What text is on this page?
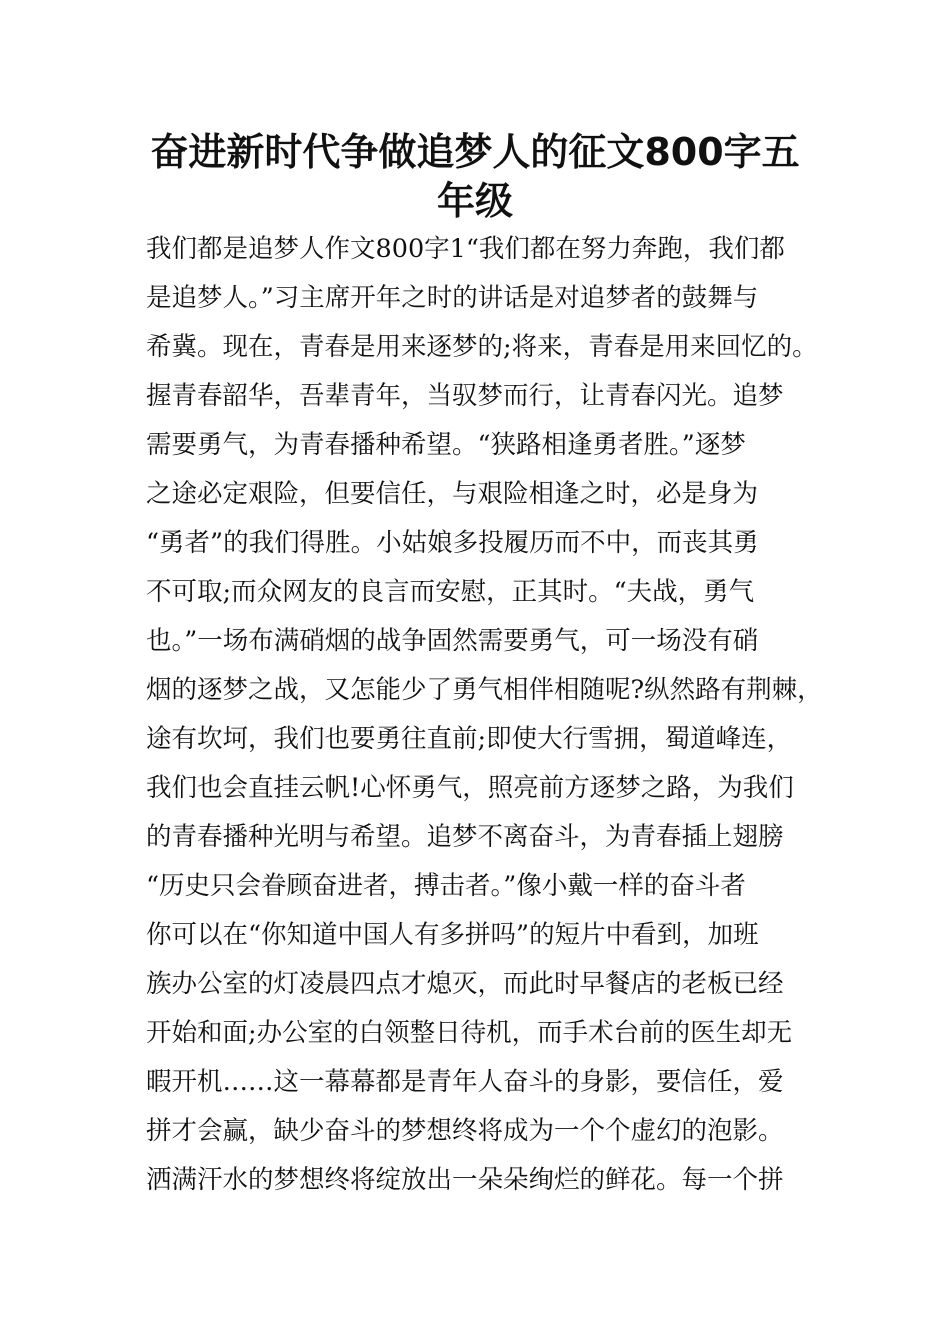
奋进新时代争做追梦人的征文800字五
年级

我们都是追梦人作文800字1“我们都在努力奔跑，我们都

是追梦人。”习主席开年之时的讲话是对追梦者的鼓舞与

希冀。现在，青春是用来逐梦的;将来，青春是用来回忆的。

握青春韶华，吾辈青年，当驭梦而行，让青春闪光。追梦

需要勇气，为青春播种希望。“狭路相逢勇者胜。”逐梦

之途必定艰险，但要信任，与艰险相逢之时，必是身为

“勇者”的我们得胜。小姑娘多投履历而不中，而丧其勇

不可取;而众网友的良言而安慰，正其时。“夫战，勇气

也。”一场布满硝烟的战争固然需要勇气，可一场没有硝

烟的逐梦之战，又怎能少了勇气相伴相随呢?纵然路有荆棘，

途有坎坷，我们也要勇往直前;即使大行雪拥，蜀道峰连，

我们也会直挂云帆!心怀勇气，照亮前方逐梦之路，为我们

的青春播种光明与希望。追梦不离奋斗，为青春插上翅膀

“历史只会眷顾奋进者，搏击者。”像小戴一样的奋斗者

你可以在“你知道中国人有多拼吗”的短片中看到，加班

族办公室的灯凌晨四点才熄灭，而此时早餐店的老板已经

开始和面;办公室的白领整日待机，而手术台前的医生却无

暇开机……这一幕幕都是青年人奋斗的身影，要信任，爱

拼才会赢，缺少奋斗的梦想终将成为一个个虚幻的泡影。

洒满汗水的梦想终将绽放出一朵朵绚烂的鲜花。每一个拼
